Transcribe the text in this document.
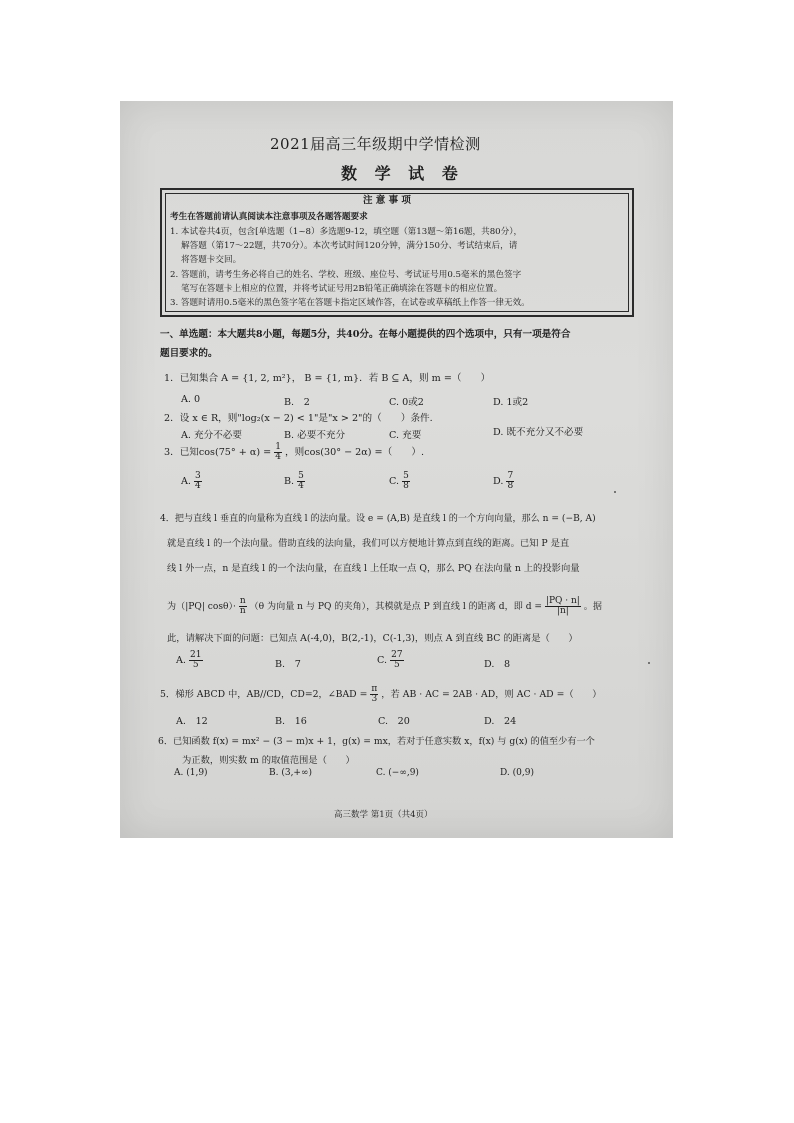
2021届高三年级期中学情检测
数 学 试 卷
注 意 事 项
考生在答题前请认真阅读本注意事项及各题答题要求
1. 本试卷共4页，包含[单选题（1~8）多选题9-12，填空题（第13题～第16题，共80分），
解答题（第17～22题，共70分）。本次考试时间120分钟，满分150分、考试结束后，请
将答题卡交回。
2. 答题前，请考生务必将自己的姓名、学校、班级、座位号、考试证号用0.5毫米的黑色签字
笔写在答题卡上相应的位置，并将考试证号用2B铅笔正确填涂在答题卡的相应位置。
3. 答题时请用0.5毫米的黑色签字笔在答题卡指定区域作答，在试卷或草稿纸上作答一律无效。
一、单选题：本大题共8小题，每题5分，共40分。在每小题提供的四个选项中，只有一项是符合
题目要求的。
1．已知集合 A = {1, 2, m²}， B = {1, m}．若 B ⊆ A，则 m =（　　）
A. 0	B.　2	C. 0或2	D. 1或2
2．设 x ∈ R，则"log₂(x − 2) < 1"是"x > 2"的（　　）条件.
A. 充分不必要	B. 必要不充分	C. 充要	D. 既不充分又不必要
3．已知$\cos(75^\circ + \alpha) = \frac{1}{4}$ ，则cos(30° − 2α) =（　　）.
A. $\frac{3}{4}$	B. $\frac{5}{4}$	C. $\frac{5}{8}$	D. $\frac{7}{8}$
4．把与直线 l 垂直的向量称为直线 l 的法向量。设 e = (A,B) 是直线 l 的一个方向向量，那么 n = (−B, A)
就是直线 l 的一个法向量。借助直线的法向量，我们可以方便地计算点到直线的距离。已知 P 是直
线 l 外一点，n 是直线 l 的一个法向量，在直线 l 上任取一点 Q，那么 PQ 在法向量 n 上的投影向量
为（|PQ| $\cos\theta)\cdot \frac{n}{n} (\theta$ 为向量 n 与 PQ 的夹角），其模就是点 P 到直线 l 的距离 d，即 $d = \frac{|PQ \cdot n|}{|n|}$ 。据
此，请解决下面的问题：已知点 A(-4,0)，B(2,-1)，C(-1,3)，则点 A 到直线 BC 的距离是（　　）
A. $\frac{21}{5}$	B.　7	C. $\frac{27}{5}$	D.　8
5．梯形 ABCD 中，AB//CD，CD=2，∠BAD = $\frac{\pi}{3}$ ，若 AB · AC = 2AB · AD，则 AC · AD =（　　）
A.　12	B.　16	C.　20	D.　24
6．已知函数 f(x) = mx² − (3 − m)x + 1，g(x) = mx，若对于任意实数 x，f(x) 与 g(x) 的值至少有一个
为正数，则实数 m 的取值范围是（　　）
A. (1,9)	B. (3,+∞)	C. (−∞,9)	D. (0,9)
高三数学 第1页（共4页）
